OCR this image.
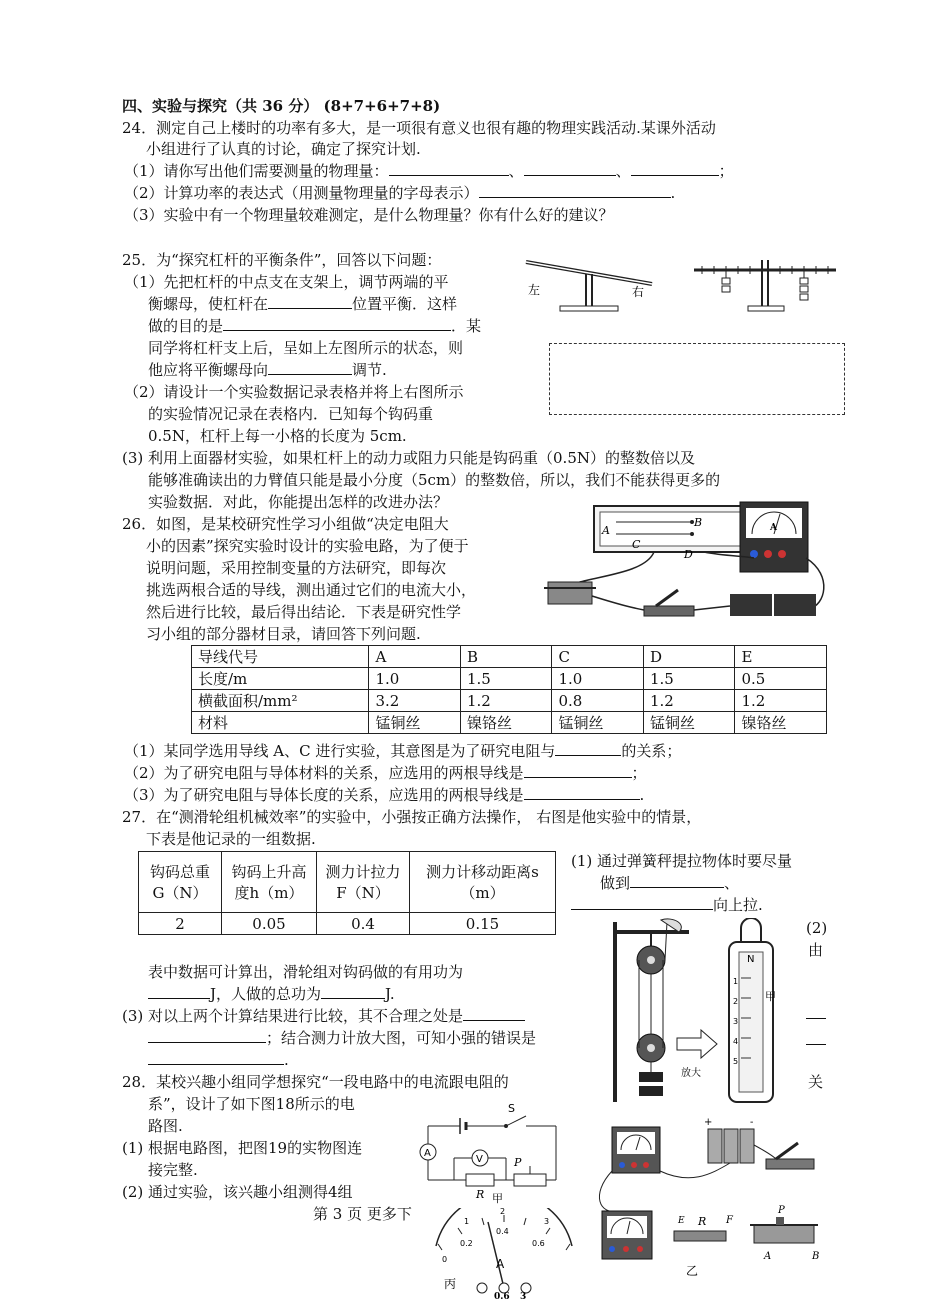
四、实验与探究（共 36 分） (8+7+6+7+8)
24．测定自己上楼时的功率有多大，是一项很有意义也很有趣的物理实践活动.某课外活动
小组进行了认真的讨论，确定了探究计划.
（1）请你写出他们需要测量的物理量：	、	、	；
（2）计算功率的表达式（用测量物理量的字母表示）	.
（3）实验中有一个物理量较难测定，是什么物理量？你有什么好的建议？
25．为“探究杠杆的平衡条件”，回答以下问题：
（1）先把杠杆的中点支在支架上，调节两端的平
衡螺母，使杠杆在	位置平衡．这样
做的目的是	．某
同学将杠杆支上后，呈如上左图所示的状态，则
他应将平衡螺母向	调节.
（2）请设计一个实验数据记录表格并将上右图所示
的实验情况记录在表格内．已知每个钩码重
0.5N，杠杆上每一小格的长度为 5cm.
(3) 利用上面器材实验，如果杠杆上的动力或阻力只能是钩码重（0.5N）的整数倍以及
能够准确读出的力臂值只能是最小分度（5cm）的整数倍，所以，我们不能获得更多的
实验数据．对此，你能提出怎样的改进办法？
左	右
26．如图，是某校研究性学习小组做“决定电阻大
小的因素”探究实验时设计的实验电路，为了便于
说明问题，采用控制变量的方法研究，即每次
挑选两根合适的导线，测出通过它们的电流大小，
然后进行比较，最后得出结论．下表是研究性学
习小组的部分器材目录，请回答下列问题.
A
B
C
D
A
导线代号	A	B	C	D	E
长度/m	1.0	1.5	1.0	1.5	0.5
横截面积/mm²	3.2	1.2	0.8	1.2	1.2
材料	锰铜丝	镍铬丝	锰铜丝	锰铜丝	镍铬丝
（1）某同学选用导线 A、C 进行实验，其意图是为了研究电阻与	的关系；
（2）为了研究电阻与导体材料的关系，应选用的两根导线是	；
（3）为了研究电阻与导体长度的关系，应选用的两根导线是	.
27．在“测滑轮组机械效率”的实验中，小强按正确方法操作， 右图是他实验中的情景，
下表是他记录的一组数据.
钩码总重G（N）	钩码上升高度h（m）	测力计拉力F（N）	测力计移动距离s（m）
2	0.05	0.4	0.15
(1) 通过弹簧秤提拉物体时要尽量
做到	、
向上拉.
(2)
由
关
表中数据可计算出，滑轮组对钩码做的有用功为
J，人做的总功为	J.
(3) 对以上两个计算结果进行比较，其不合理之处是
；结合测力计放大图，可知小强的错误是
.
放大
N
1
2
3
4
5
甲
28．某校兴趣小组同学想探究“一段电路中的电流跟电阻的
系”，设计了如下图18所示的电
路图.
(1) 根据电路图，把图19的实物图连
接完整.
(2) 通过实验，该兴趣小组测得4组
S
A
R
P
V
甲
0
0.2
0.4
0.6
1
2
3
A
0.6 3
丙
+	-
E R F
P
A	B
乙
第 3 页 更多下
